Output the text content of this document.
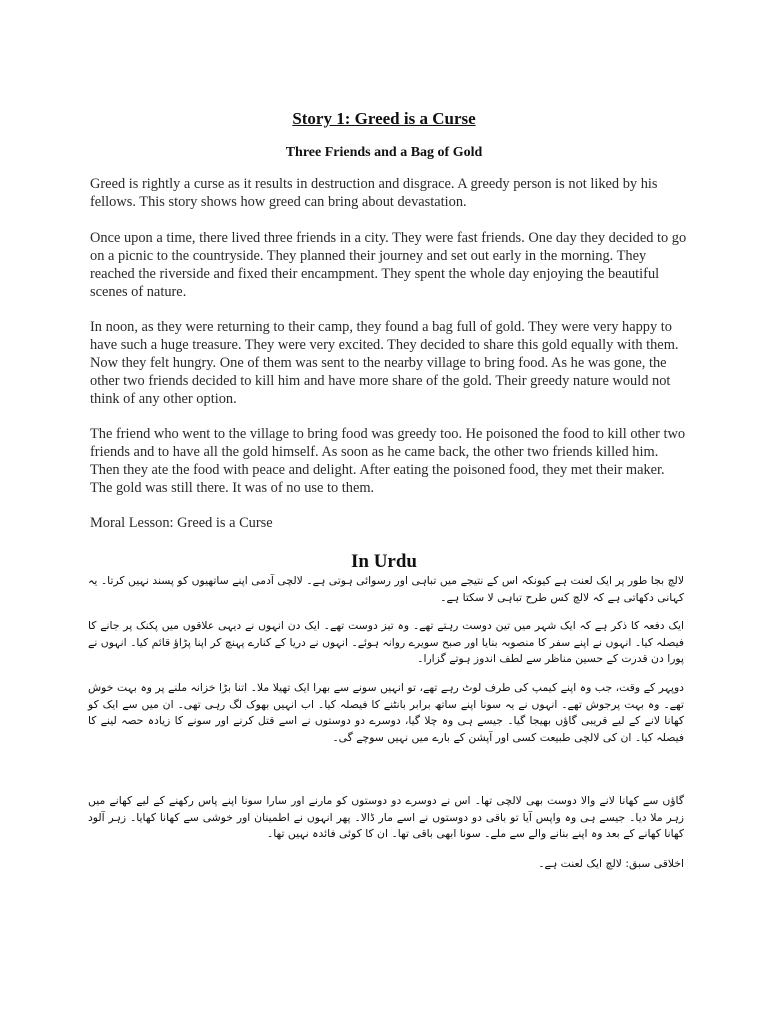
Story 1: Greed is a Curse
Three Friends and a Bag of Gold

Greed is rightly a curse as it results in destruction and disgrace. A greedy person is not liked by his fellows. This story shows how greed can bring about devastation.

Once upon a time, there lived three friends in a city. They were fast friends. One day they decided to go on a picnic to the countryside. They planned their journey and set out early in the morning. They reached the riverside and fixed their encampment. They spent the whole day enjoying the beautiful scenes of nature.

In noon, as they were returning to their camp, they found a bag full of gold. They were very happy to have such a huge treasure. They were very excited. They decided to share this gold equally with them. Now they felt hungry. One of them was sent to the nearby village to bring food. As he was gone, the other two friends decided to kill him and have more share of the gold. Their greedy nature would not think of any other option.

The friend who went to the village to bring food was greedy too. He poisoned the food to kill other two friends and to have all the gold himself. As soon as he came back, the other two friends killed him. Then they ate the food with peace and delight. After eating the poisoned food, they met their maker. The gold was still there. It was of no use to them.

Moral Lesson: Greed is a Curse

In Urdu

لالچ بجا طور پر ایک لعنت ہے کیونکہ اس کے نتیجے میں تباہی اور رسوائی ہوتی ہے۔ لالچی آدمی اپنے ساتھیوں کو پسند نہیں کرتا۔ یہ کہانی دکھاتی ہے کہ لالچ کس طرح تباہی لا سکتا ہے۔

ایک دفعہ کا ذکر ہے کہ ایک شہر میں تین دوست رہتے تھے۔ وہ تیز دوست تھے۔ ایک دن انہوں نے دیہی علاقوں میں پکنک پر جانے کا فیصلہ کیا۔ انہوں نے اپنے سفر کا منصوبہ بنایا اور صبح سویرے روانہ ہوئے۔ انہوں نے دریا کے کنارے پہنچ کر اپنا پڑاؤ قائم کیا۔ انہوں نے پورا دن قدرت کے حسین مناظر سے لطف اندوز ہوتے گزارا۔

دوپہر کے وقت، جب وہ اپنے کیمپ کی طرف لوٹ رہے تھے، تو انہیں سونے سے بھرا ایک تھیلا ملا۔ اتنا بڑا خزانہ ملنے پر وہ بہت خوش تھے۔ وہ بہت پرجوش تھے۔ انہوں نے یہ سونا اپنے ساتھ برابر بانٹنے کا فیصلہ کیا۔ اب انہیں بھوک لگ رہی تھی۔ ان میں سے ایک کو کھانا لانے کے لیے قریبی گاؤں بھیجا گیا۔ جیسے ہی وہ چلا گیا، دوسرے دو دوستوں نے اسے قتل کرنے اور سونے کا زیادہ حصہ لینے کا فیصلہ کیا۔ ان کی لالچی طبیعت کسی اور آپشن کے بارے میں نہیں سوچے گی۔

گاؤں سے کھانا لانے والا دوست بھی لالچی تھا۔ اس نے دوسرے دو دوستوں کو مارنے اور سارا سونا اپنے پاس رکھنے کے لیے کھانے میں زہر ملا دیا۔ جیسے ہی وہ واپس آیا تو باقی دو دوستوں نے اسے مار ڈالا۔ پھر انہوں نے اطمینان اور خوشی سے کھانا کھایا۔ زہر آلود کھانا کھانے کے بعد وہ اپنے بنانے والے سے ملے۔ سونا ابھی باقی تھا۔ ان کا کوئی فائدہ نہیں تھا۔

اخلاقی سبق: لالچ ایک لعنت ہے۔
